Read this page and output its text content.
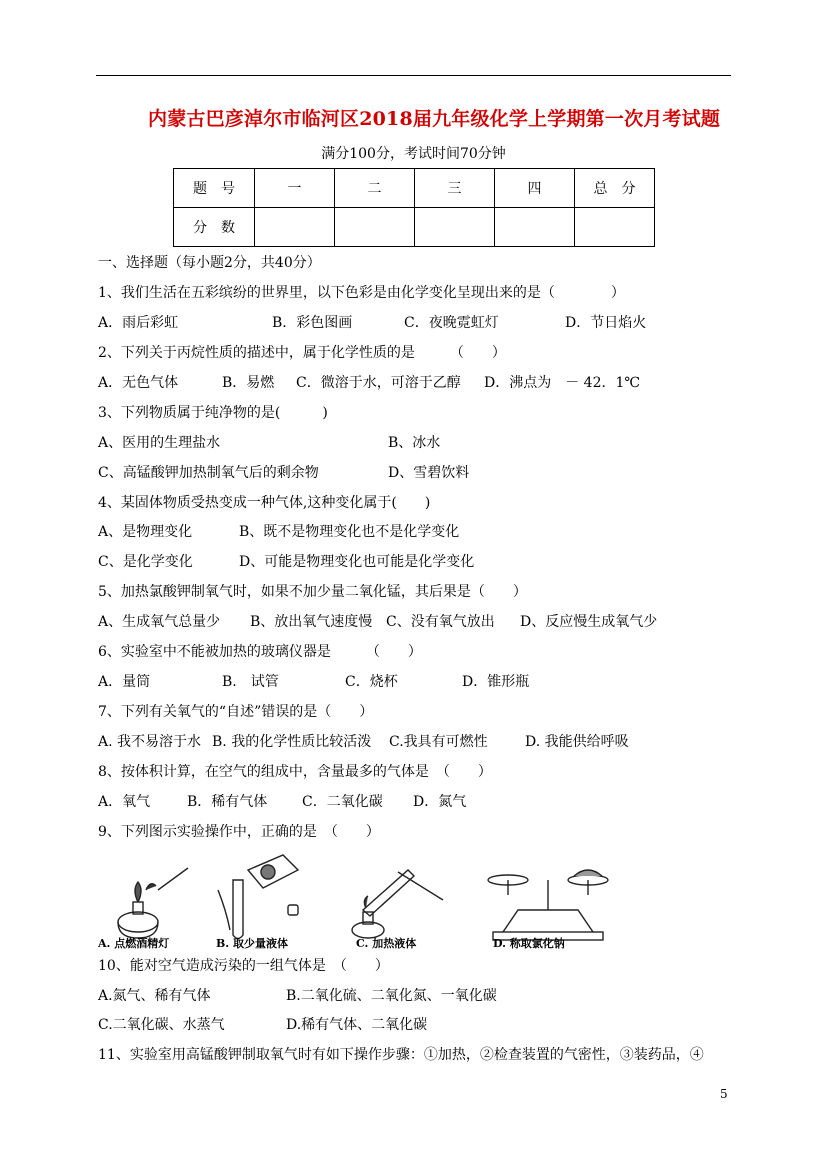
内蒙古巴彦淖尔市临河区2018届九年级化学上学期第一次月考试题
满分100分，考试时间70分钟
题　号	一	二	三	四	总　分
分　数					
一、选择题（每小题2分，共40分）
1、我们生活在五彩缤纷的世界里，以下色彩是由化学变化呈现出来的是（　　　　）
A．雨后彩虹	B．彩色图画	C．夜晚霓虹灯	D．节日焰火
2、下列关于丙烷性质的描述中，属于化学性质的是　　　（　　）
A．无色气体	B．易燃 C．微溶于水，可溶于乙醇 D．沸点为　－ 42．1℃
3、下列物质属于纯净物的是(　　　)
A、医用的生理盐水	B、冰水
C、高锰酸钾加热制氧气后的剩余物	D、雪碧饮料
4、某固体物质受热变成一种气体,这种变化属于(　　)
A、是物理变化	B、既不是物理变化也不是化学变化
C、是化学变化	D、可能是物理变化也可能是化学变化
5、加热氯酸钾制氧气时，如果不加少量二氧化锰，其后果是（　　）
A、生成氧气总量少 B、放出氧气速度慢 C、没有氧气放出 D、反应慢生成氧气少
6、实验室中不能被加热的玻璃仪器是　　　（　　）
A．量筒	B.　试管	C．烧杯	D．锥形瓶
7、下列有关氧气的“自述”错误的是（　　）
A. 我不易溶于水 B. 我的化学性质比较活泼 C.我具有可燃性	D. 我能供给呼吸
8、按体积计算，在空气的组成中，含量最多的气体是　（　　）
A．氧气	B．稀有气体 C．二氧化碳 D．氮气
9、下列图示实验操作中，正确的是　（　　）
A. 点燃酒精灯	B. 取少量液体	C. 加热液体	D. 称取氯化钠
10、能对空气造成污染的一组气体是　（　　）
A.氮气、稀有气体	B.二氧化硫、二氧化氮、一氧化碳
C.二氧化碳、水蒸气	D.稀有气体、二氧化碳
11、实验室用高锰酸钾制取氧气时有如下操作步骤：①加热，②检查装置的气密性，③装药品，④
5
